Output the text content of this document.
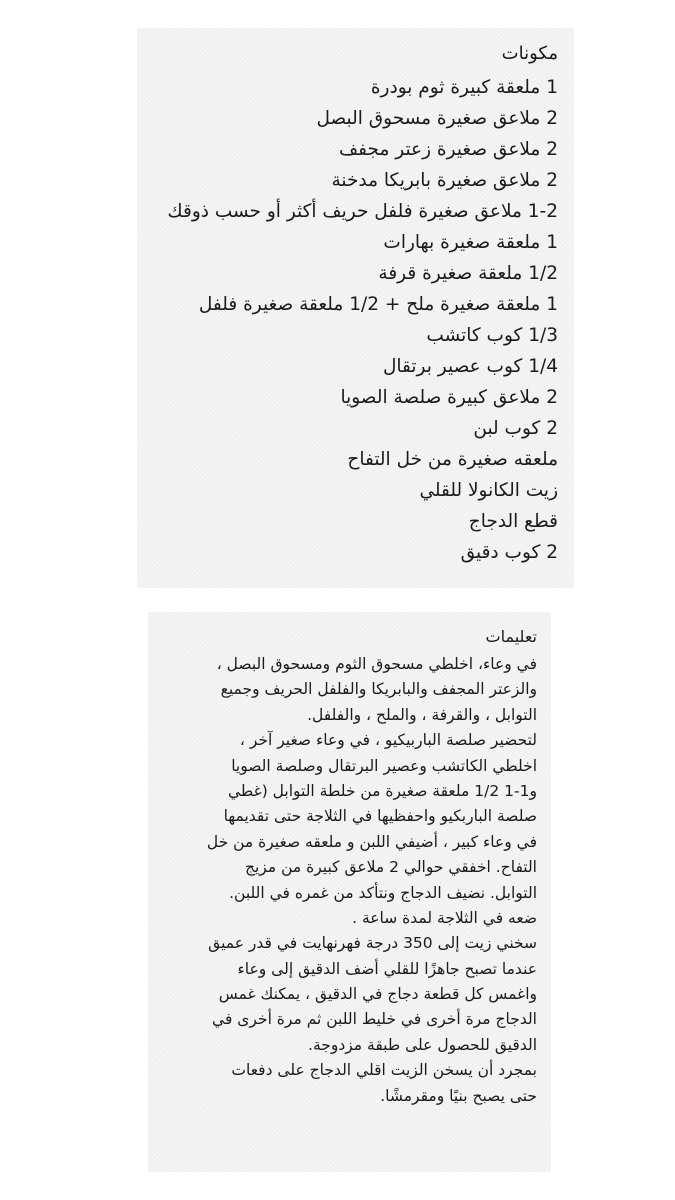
مكونات
1 ملعقة كبيرة ثوم بودرة
2 ملاعق صغيرة مسحوق البصل
2 ملاعق صغيرة زعتر مجفف
2 ملاعق صغيرة بابريكا مدخنة
1-2 ملاعق صغيرة فلفل حريف أكثر أو حسب ذوقك
1 ملعقة صغيرة بهارات
1/2 ملعقة صغيرة قرفة
1 ملعقة صغيرة ملح + 1/2 ملعقة صغيرة فلفل
1/3 كوب كاتشب
1/4 كوب عصير برتقال
2 ملاعق كبيرة صلصة الصويا
2 كوب لبن
ملعقه صغيرة من خل التفاح
زيت الكانولا للقلي
قطع الدجاج
2 كوب دقيق
تعليمات
في وعاء، اخلطي مسحوق الثوم ومسحوق البصل ،
والزعتر المجفف والبابريكا والفلفل الحريف وجميع
التوابل ، والقرفة ، والملح ، والفلفل.
لتحضير صلصة الباربيكيو ، في وعاء صغير آخر ،
اخلطي الكاتشب وعصير البرتقال وصلصة الصويا
و1-1 1/2 ملعقة صغيرة من خلطة التوابل (غطي
صلصة الباربكيو واحفظيها في الثلاجة حتى تقديمها
في وعاء كبير ، أضيفي اللبن و ملعقه صغيرة من خل
التفاح. اخفقي حوالي 2 ملاعق كبيرة من مزيج
التوابل. نضيف الدجاج ونتأكد من غمره في اللبن.
ضعه في الثلاجة لمدة ساعة .
سخني زيت إلى 350 درجة فهرنهايت في قدر عميق
عندما تصبح جاهزًا للقلي أضف الدقيق إلى وعاء
واغمس كل قطعة دجاج في الدقيق ، يمكنك غمس
الدجاج مرة أخرى في خليط اللبن ثم مرة أخرى في
الدقيق للحصول على طبقة مزدوجة.
بمجرد أن يسخن الزيت اقلي الدجاج على دفعات
حتى يصبح بنيًا ومقرمشًا.
